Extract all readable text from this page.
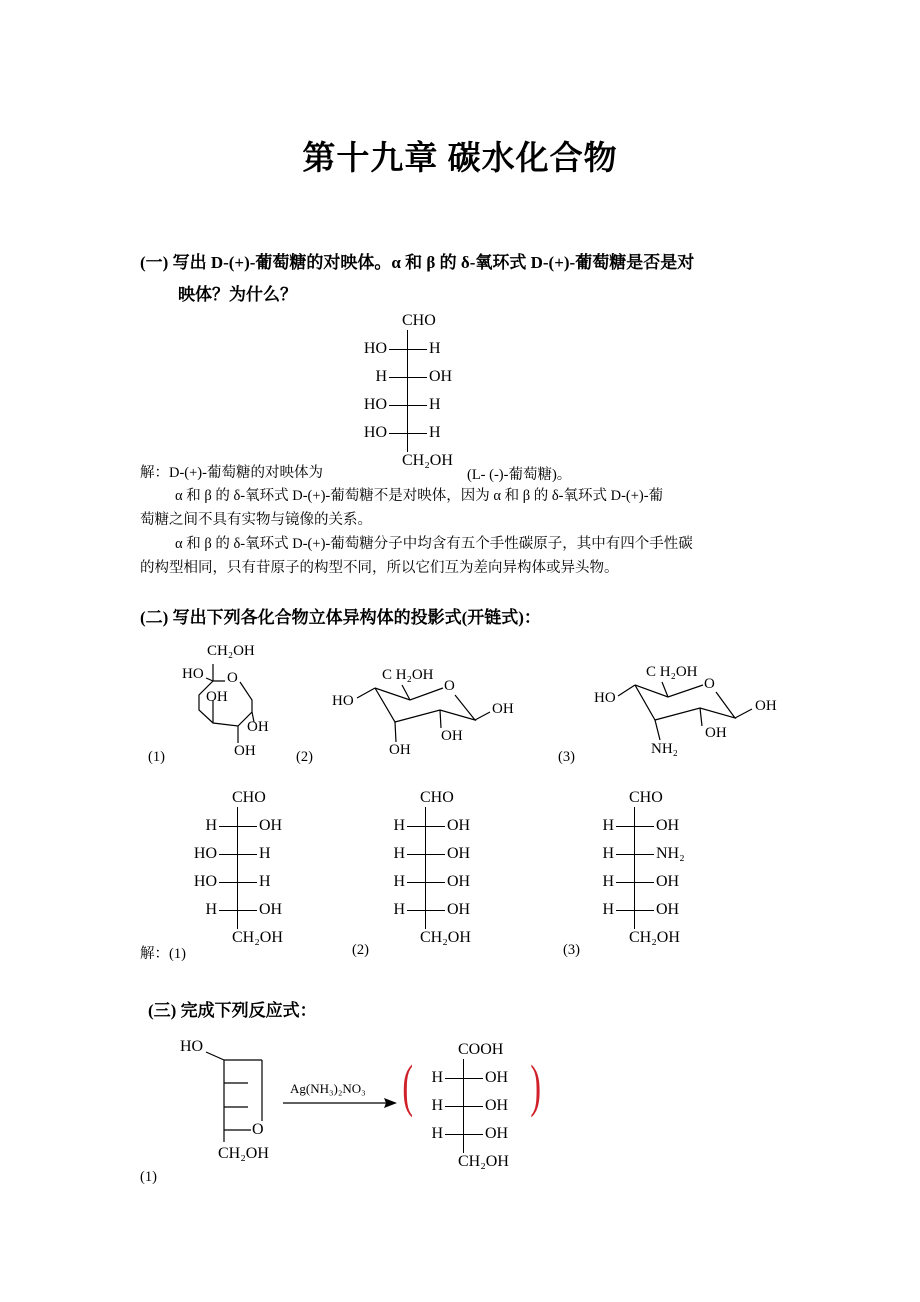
第十九章 碳水化合物
(一) 写出 D-(+)-葡萄糖的对映体。α 和 β 的 δ-氧环式 D-(+)-葡萄糖是否是对
映体？为什么？
解：D-(+)-葡萄糖的对映体为	(L- (-)-葡萄糖)。
α 和 β 的 δ-氧环式 D-(+)-葡萄糖不是对映体，因为 α 和 β 的 δ-氧环式 D-(+)-葡
萄糖之间不具有实物与镜像的关系。
α 和 β 的 δ-氧环式 D-(+)-葡萄糖分子中均含有五个手性碳原子，其中有四个手性碳
的构型相同，只有苷原子的构型不同，所以它们互为差向异构体或异头物。
(二) 写出下列各化合物立体异构体的投影式(开链式)：
CH₂OH
HO O
OH
OH
OH
C H₂OH
HO
O
OH
OH
OH
C H₂OH
HO
O
OH
OH
NH₂
(1)	(2)	(3)
解：(1)	(2)	(3)
(三) 完成下列反应式：
HO
O
CH₂OH
Ag(NH₃)₂NO₃ ( )
(1)
CHO
HO	H
H	OH
HO	H
HO	H
CH₂OH
CHO
H	OH
HO	H
HO	H
H	OH
CH₂OH
CHO
H	OH
H	OH
H	OH
H	OH
CH₂OH
CHO
H	OH
H	NH₂
H	OH
H	OH
CH₂OH
COOH
H	OH
H	OH
H	OH
CH₂OH
